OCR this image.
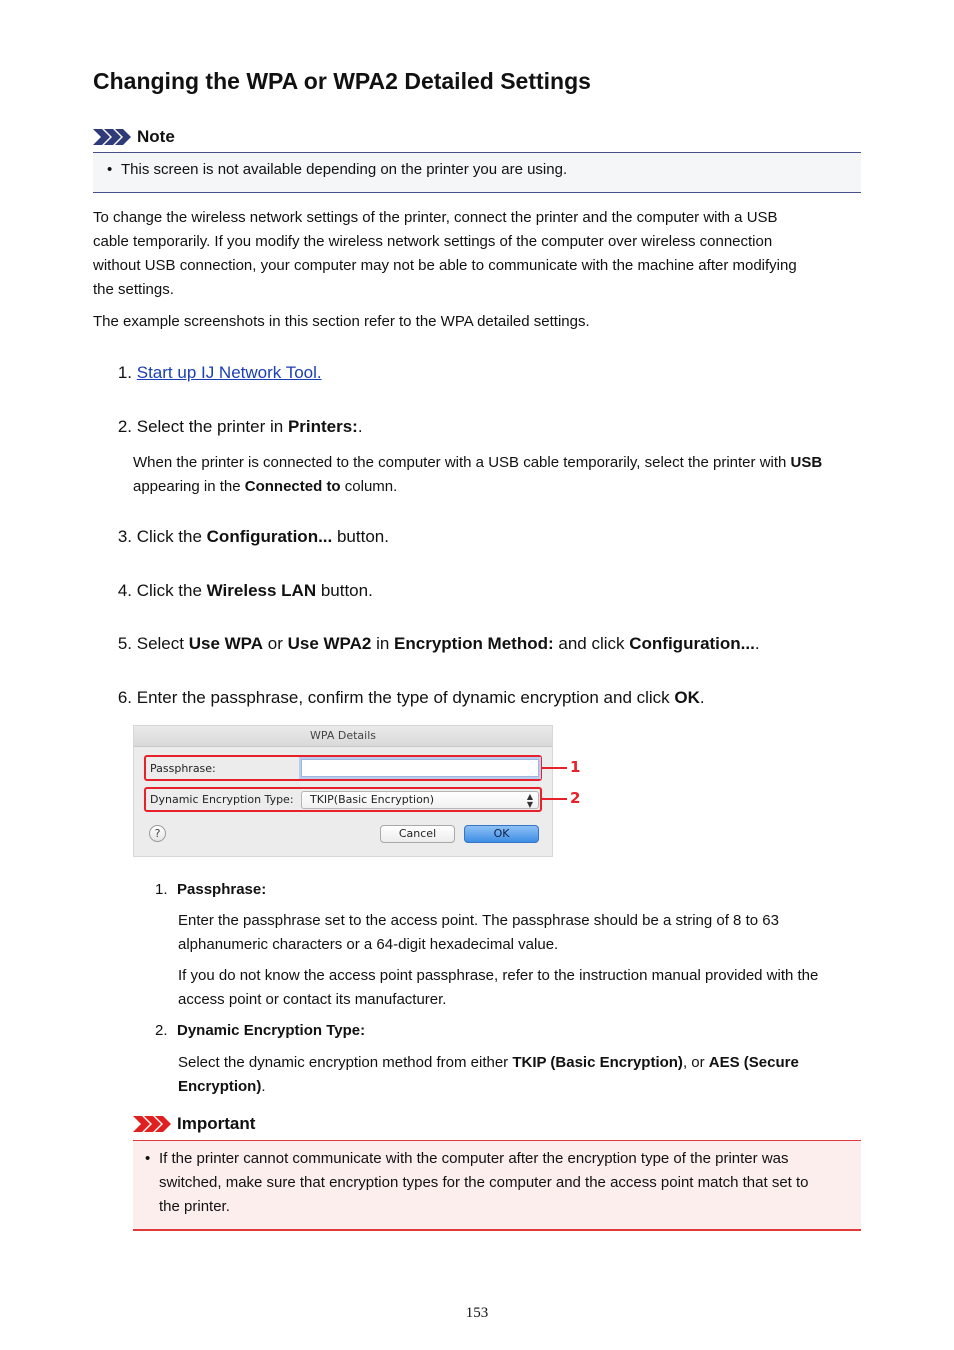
Changing the WPA or WPA2 Detailed Settings
Note
• This screen is not available depending on the printer you are using.
To change the wireless network settings of the printer, connect the printer and the computer with a USB
cable temporarily. If you modify the wireless network settings of the computer over wireless connection
without USB connection, your computer may not be able to communicate with the machine after modifying
the settings.
The example screenshots in this section refer to the WPA detailed settings.
1. Start up IJ Network Tool.
2. Select the printer in Printers:.
When the printer is connected to the computer with a USB cable temporarily, select the printer with USB
appearing in the Connected to column.
3. Click the Configuration... button.
4. Click the Wireless LAN button.
5. Select Use WPA or Use WPA2 in Encryption Method: and click Configuration....
6. Enter the passphrase, confirm the type of dynamic encryption and click OK.
WPA Details
Passphrase:
Dynamic Encryption Type:	TKIP(Basic Encryption)	▲
▼
?	Cancel	OK
1
2
1. Passphrase:
Enter the passphrase set to the access point. The passphrase should be a string of 8 to 63
alphanumeric characters or a 64-digit hexadecimal value.
If you do not know the access point passphrase, refer to the instruction manual provided with the
access point or contact its manufacturer.
2. Dynamic Encryption Type:
Select the dynamic encryption method from either TKIP (Basic Encryption), or AES (Secure
Encryption).
Important
• If the printer cannot communicate with the computer after the encryption type of the printer was
switched, make sure that encryption types for the computer and the access point match that set to
the printer.
153
